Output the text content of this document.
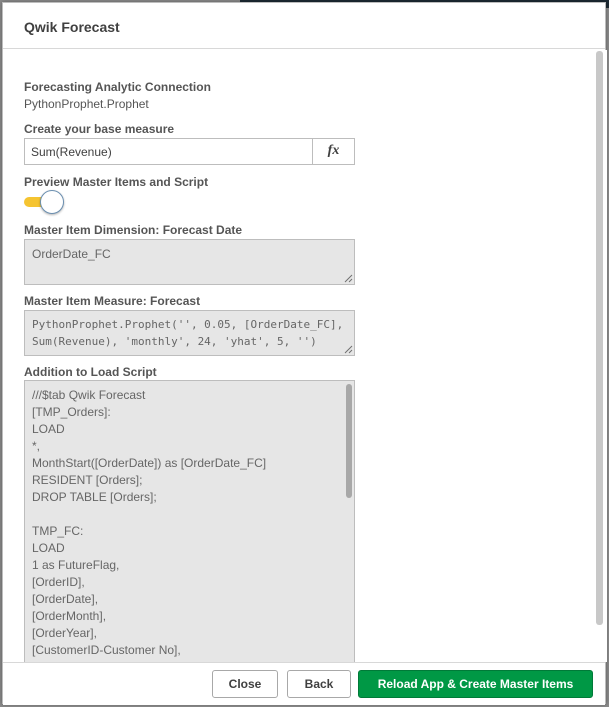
Qwik Forecast
Forecasting Analytic Connection
PythonProphet.Prophet
Create your base measure
Sum(Revenue)
fx
Preview Master Items and Script
Master Item Dimension: Forecast Date
OrderDate_FC
Master Item Measure: Forecast
PythonProphet.Prophet('', 0.05, [OrderDate_FC],
Sum(Revenue), 'monthly', 24, 'yhat', 5, '')
Addition to Load Script
///$tab Qwik Forecast
[TMP_Orders]:
LOAD
*,
MonthStart([OrderDate]) as [OrderDate_FC]
RESIDENT [Orders];
DROP TABLE [Orders];
TMP_FC:
LOAD
1 as FutureFlag,
[OrderID],
[OrderDate],
[OrderMonth],
[OrderYear],
[CustomerID-Customer No],
Close	Back	Reload App & Create Master Items
